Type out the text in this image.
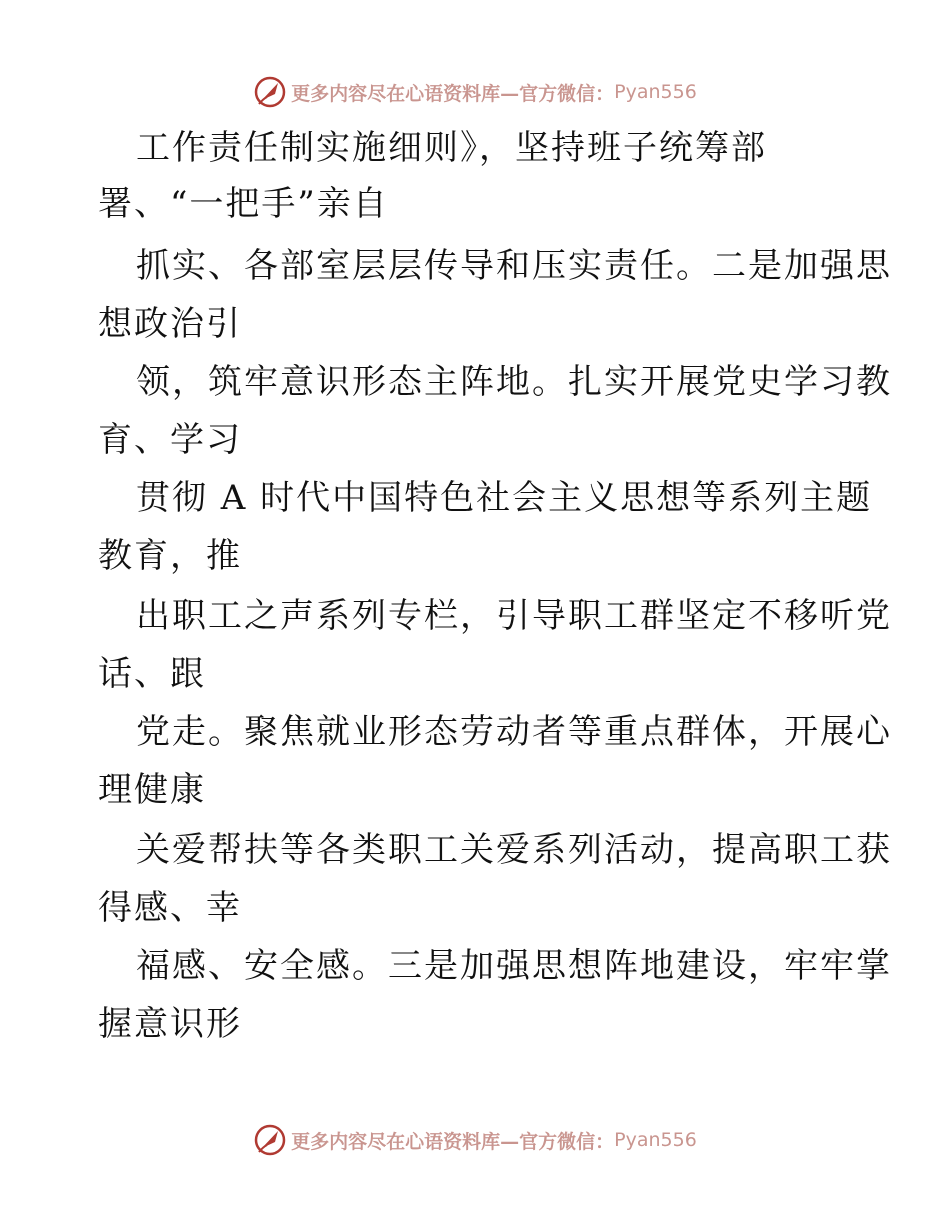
更多内容尽在心语资料库—官方微信： Pyan556
工作责任制实施细则》，坚持班子统筹部
署、“一把手”亲自
抓实、各部室层层传导和压实责任。二是加强思
想政治引
领，筑牢意识形态主阵地。扎实开展党史学习教
育、学习
贯彻 A 时代中国特色社会主义思想等系列主题
教育，推
出职工之声系列专栏，引导职工群坚定不移听党
话、跟
党走。聚焦就业形态劳动者等重点群体，开展心
理健康
关爱帮扶等各类职工关爱系列活动，提高职工获
得感、幸
福感、安全感。三是加强思想阵地建设，牢牢掌
握意识形
更多内容尽在心语资料库—官方微信： Pyan556
